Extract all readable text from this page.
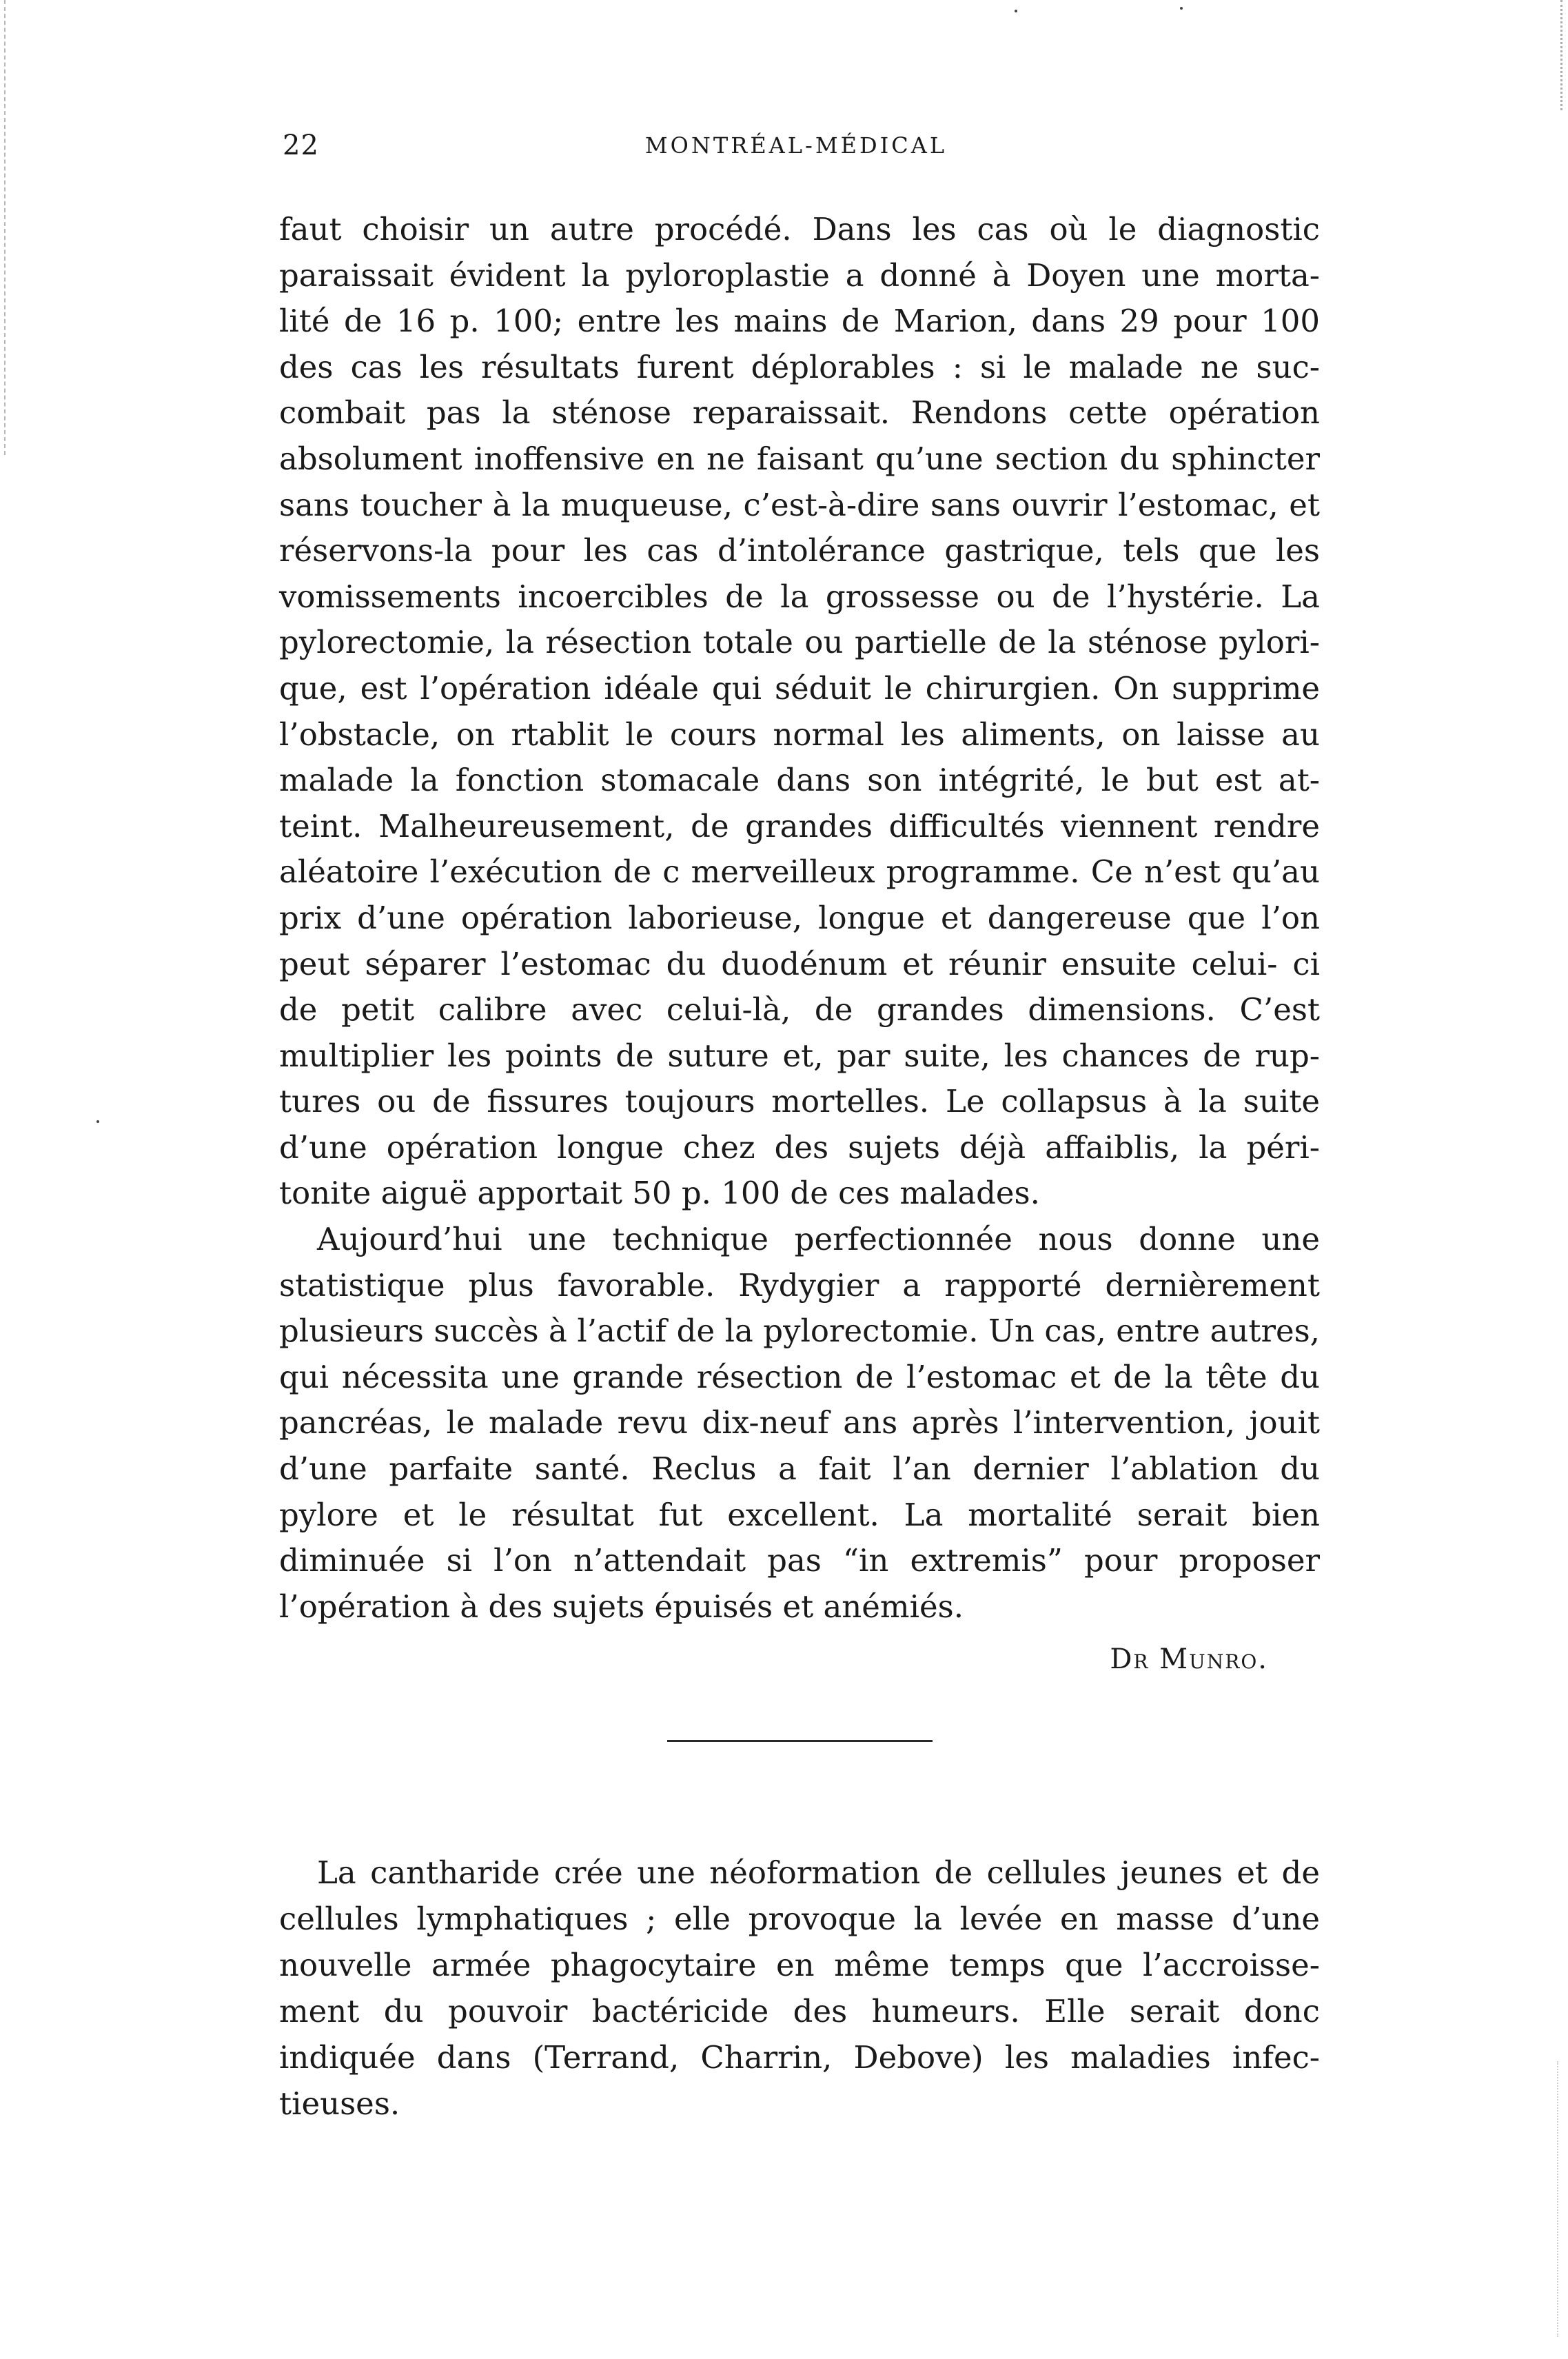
22	MONTRÉAL-MÉDICAL

faut choisir un autre procédé. Dans les cas où le diagnostic paraissait évident la pyloroplastie a donné à Doyen une morta- lité de 16 p. 100; entre les mains de Marion, dans 29 pour 100 des cas les résultats furent déplorables : si le malade ne suc- combait pas la sténose reparaissait. Rendons cette opération absolument inoffensive en ne faisant qu’une section du sphincter sans toucher à la muqueuse, c’est-à-dire sans ouvrir l’estomac, et réservons-la pour les cas d’intolérance gastrique, tels que les vomissements incoercibles de la grossesse ou de l’hystérie. La pylorectomie, la résection totale ou partielle de la sténose pylori- que, est l’opération idéale qui séduit le chirurgien. On supprime l’obstacle, on rtablit le cours normal les aliments, on laisse au malade la fonction stomacale dans son intégrité, le but est at- teint. Malheureusement, de grandes difficultés viennent rendre aléatoire l’exécution de c merveilleux programme. Ce n’est qu’au prix d’une opération laborieuse, longue et dangereuse que l’on peut séparer l’estomac du duodénum et réunir ensuite celui- ci de petit calibre avec celui-là, de grandes dimensions. C’est multiplier les points de suture et, par suite, les chances de rup- tures ou de fissures toujours mortelles. Le collapsus à la suite d’une opération longue chez des sujets déjà affaiblis, la péri- tonite aiguë apportait 50 p. 100 de ces malades.

Aujourd’hui une technique perfectionnée nous donne une statistique plus favorable. Rydygier a rapporté dernièrement plusieurs succès à l’actif de la pylorectomie. Un cas, entre autres, qui nécessita une grande résection de l’estomac et de la tête du pancréas, le malade revu dix-neuf ans après l’intervention, jouit d’une parfaite santé. Reclus a fait l’an dernier l’ablation du pylore et le résultat fut excellent. La mortalité serait bien diminuée si l’on n’attendait pas “in extremis” pour proposer l’opération à des sujets épuisés et anémiés.

Dr Munro.

La cantharide crée une néoformation de cellules jeunes et de cellules lymphatiques ; elle provoque la levée en masse d’une nouvelle armée phagocytaire en même temps que l’accroisse- ment du pouvoir bactéricide des humeurs. Elle serait donc indiquée dans (Terrand, Charrin, Debove) les maladies infec- tieuses.
